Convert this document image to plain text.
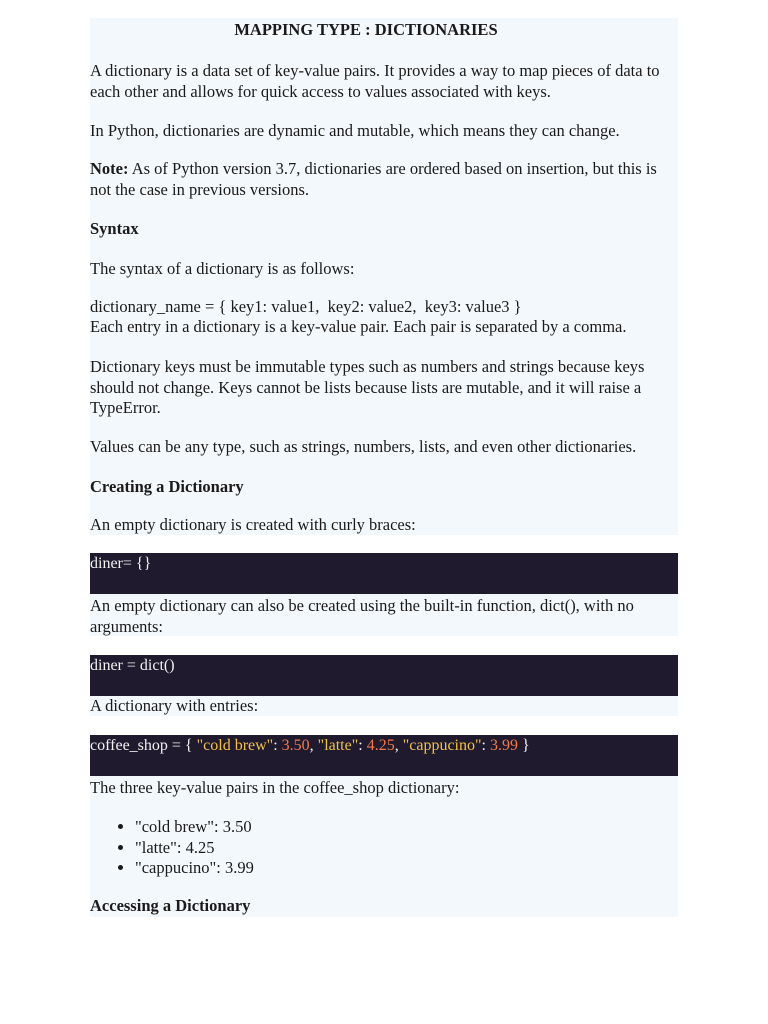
MAPPING TYPE : DICTIONARIES
A dictionary is a data set of key-value pairs. It provides a way to map pieces of data to each other and allows for quick access to values associated with keys.
In Python, dictionaries are dynamic and mutable, which means they can change.
Note: As of Python version 3.7, dictionaries are ordered based on insertion, but this is not the case in previous versions.
Syntax
The syntax of a dictionary is as follows:
dictionary_name = { key1: value1,  key2: value2,  key3: value3 }
Each entry in a dictionary is a key-value pair. Each pair is separated by a comma.
Dictionary keys must be immutable types such as numbers and strings because keys should not change. Keys cannot be lists because lists are mutable, and it will raise a TypeError.
Values can be any type, such as strings, numbers, lists, and even other dictionaries.
Creating a Dictionary
An empty dictionary is created with curly braces:
diner= {}
An empty dictionary can also be created using the built-in function, dict(), with no arguments:
diner = dict()
A dictionary with entries:
coffee_shop = { "cold brew": 3.50, "latte": 4.25, "cappucino": 3.99 }
The three key-value pairs in the coffee_shop dictionary:
• "cold brew": 3.50
• "latte": 4.25
• "cappucino": 3.99
Accessing a Dictionary
